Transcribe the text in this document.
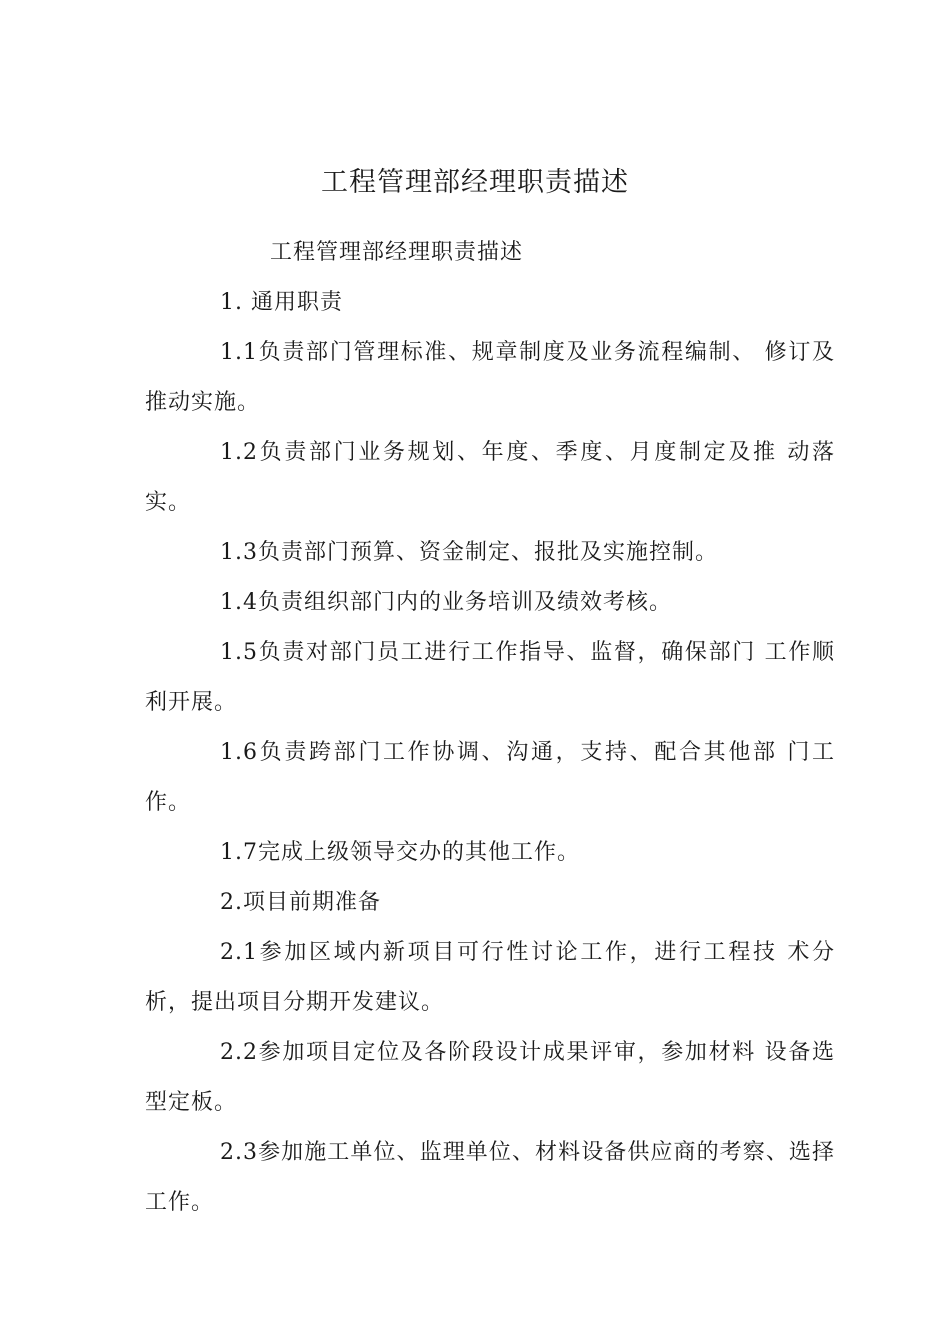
工程管理部经理职责描述

工程管理部经理职责描述

1. 通用职责

1.1负责部门管理标准、规章制度及业务流程编制、 修订及推动实施。

1.2负责部门业务规划、年度、季度、月度制定及推 动落实。

1.3负责部门预算、资金制定、报批及实施控制。

1.4负责组织部门内的业务培训及绩效考核。

1.5负责对部门员工进行工作指导、监督，确保部门 工作顺利开展。

1.6负责跨部门工作协调、沟通，支持、配合其他部 门工作。

1.7完成上级领导交办的其他工作。

2.项目前期准备

2.1参加区域内新项目可行性讨论工作，进行工程技 术分析，提出项目分期开发建议。

2.2参加项目定位及各阶段设计成果评审，参加材料 设备选型定板。

2.3参加施工单位、监理单位、材料设备供应商的考察、选择工作。
